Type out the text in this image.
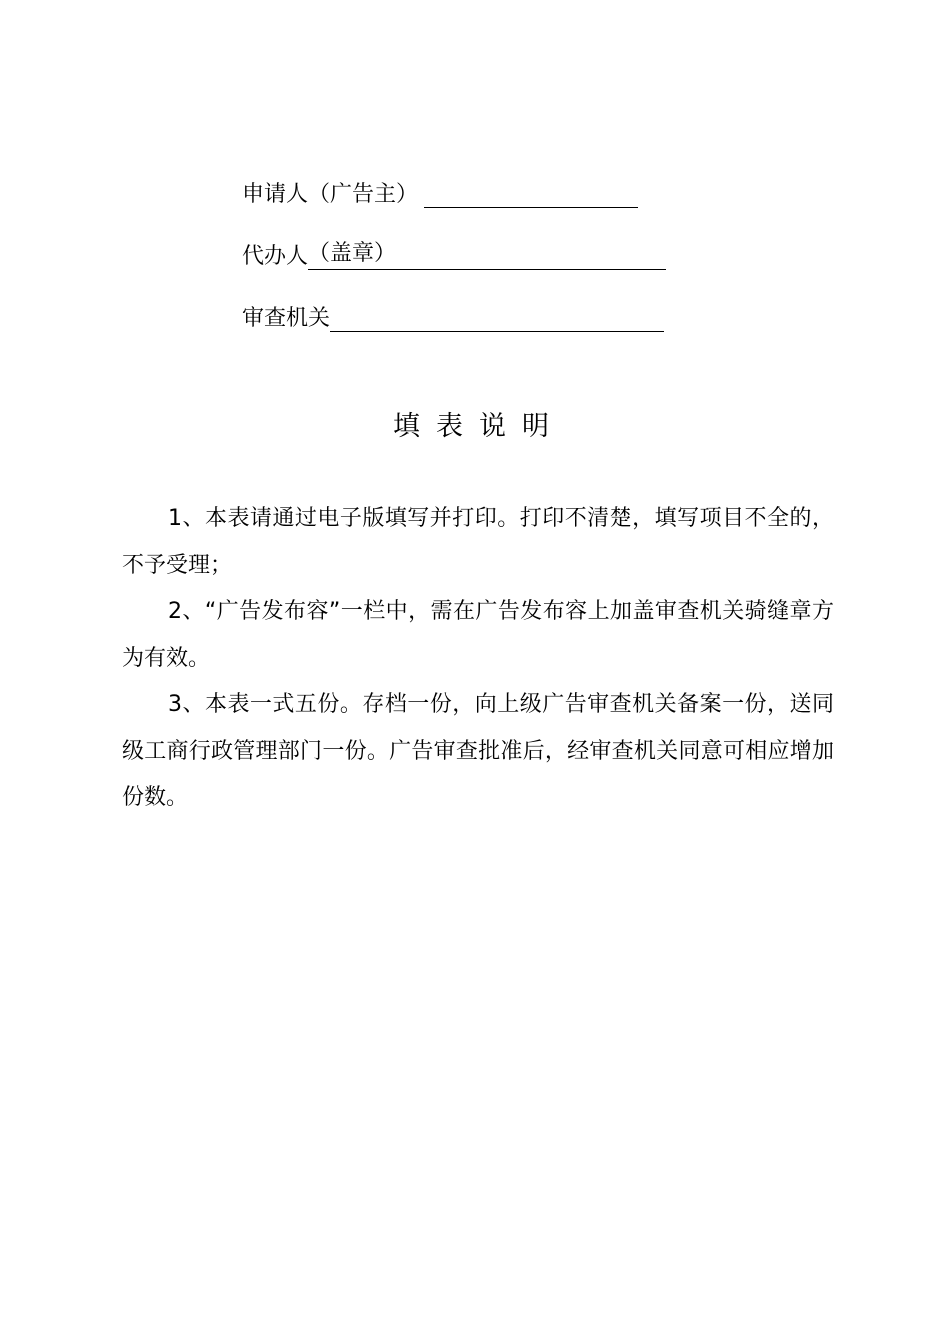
申请人（广告主）
代办人 （盖章）
审查机关
填表说明

1、本表请通过电子版填写并打印。打印不清楚，填写项目不全的，不予受理；

2、“广告发布容”一栏中，需在广告发布容上加盖审查机关骑缝章方为有效。

3、本表一式五份。存档一份，向上级广告审查机关备案一份，送同级工商行政管理部门一份。广告审查批准后，经审查机关同意可相应增加份数。
